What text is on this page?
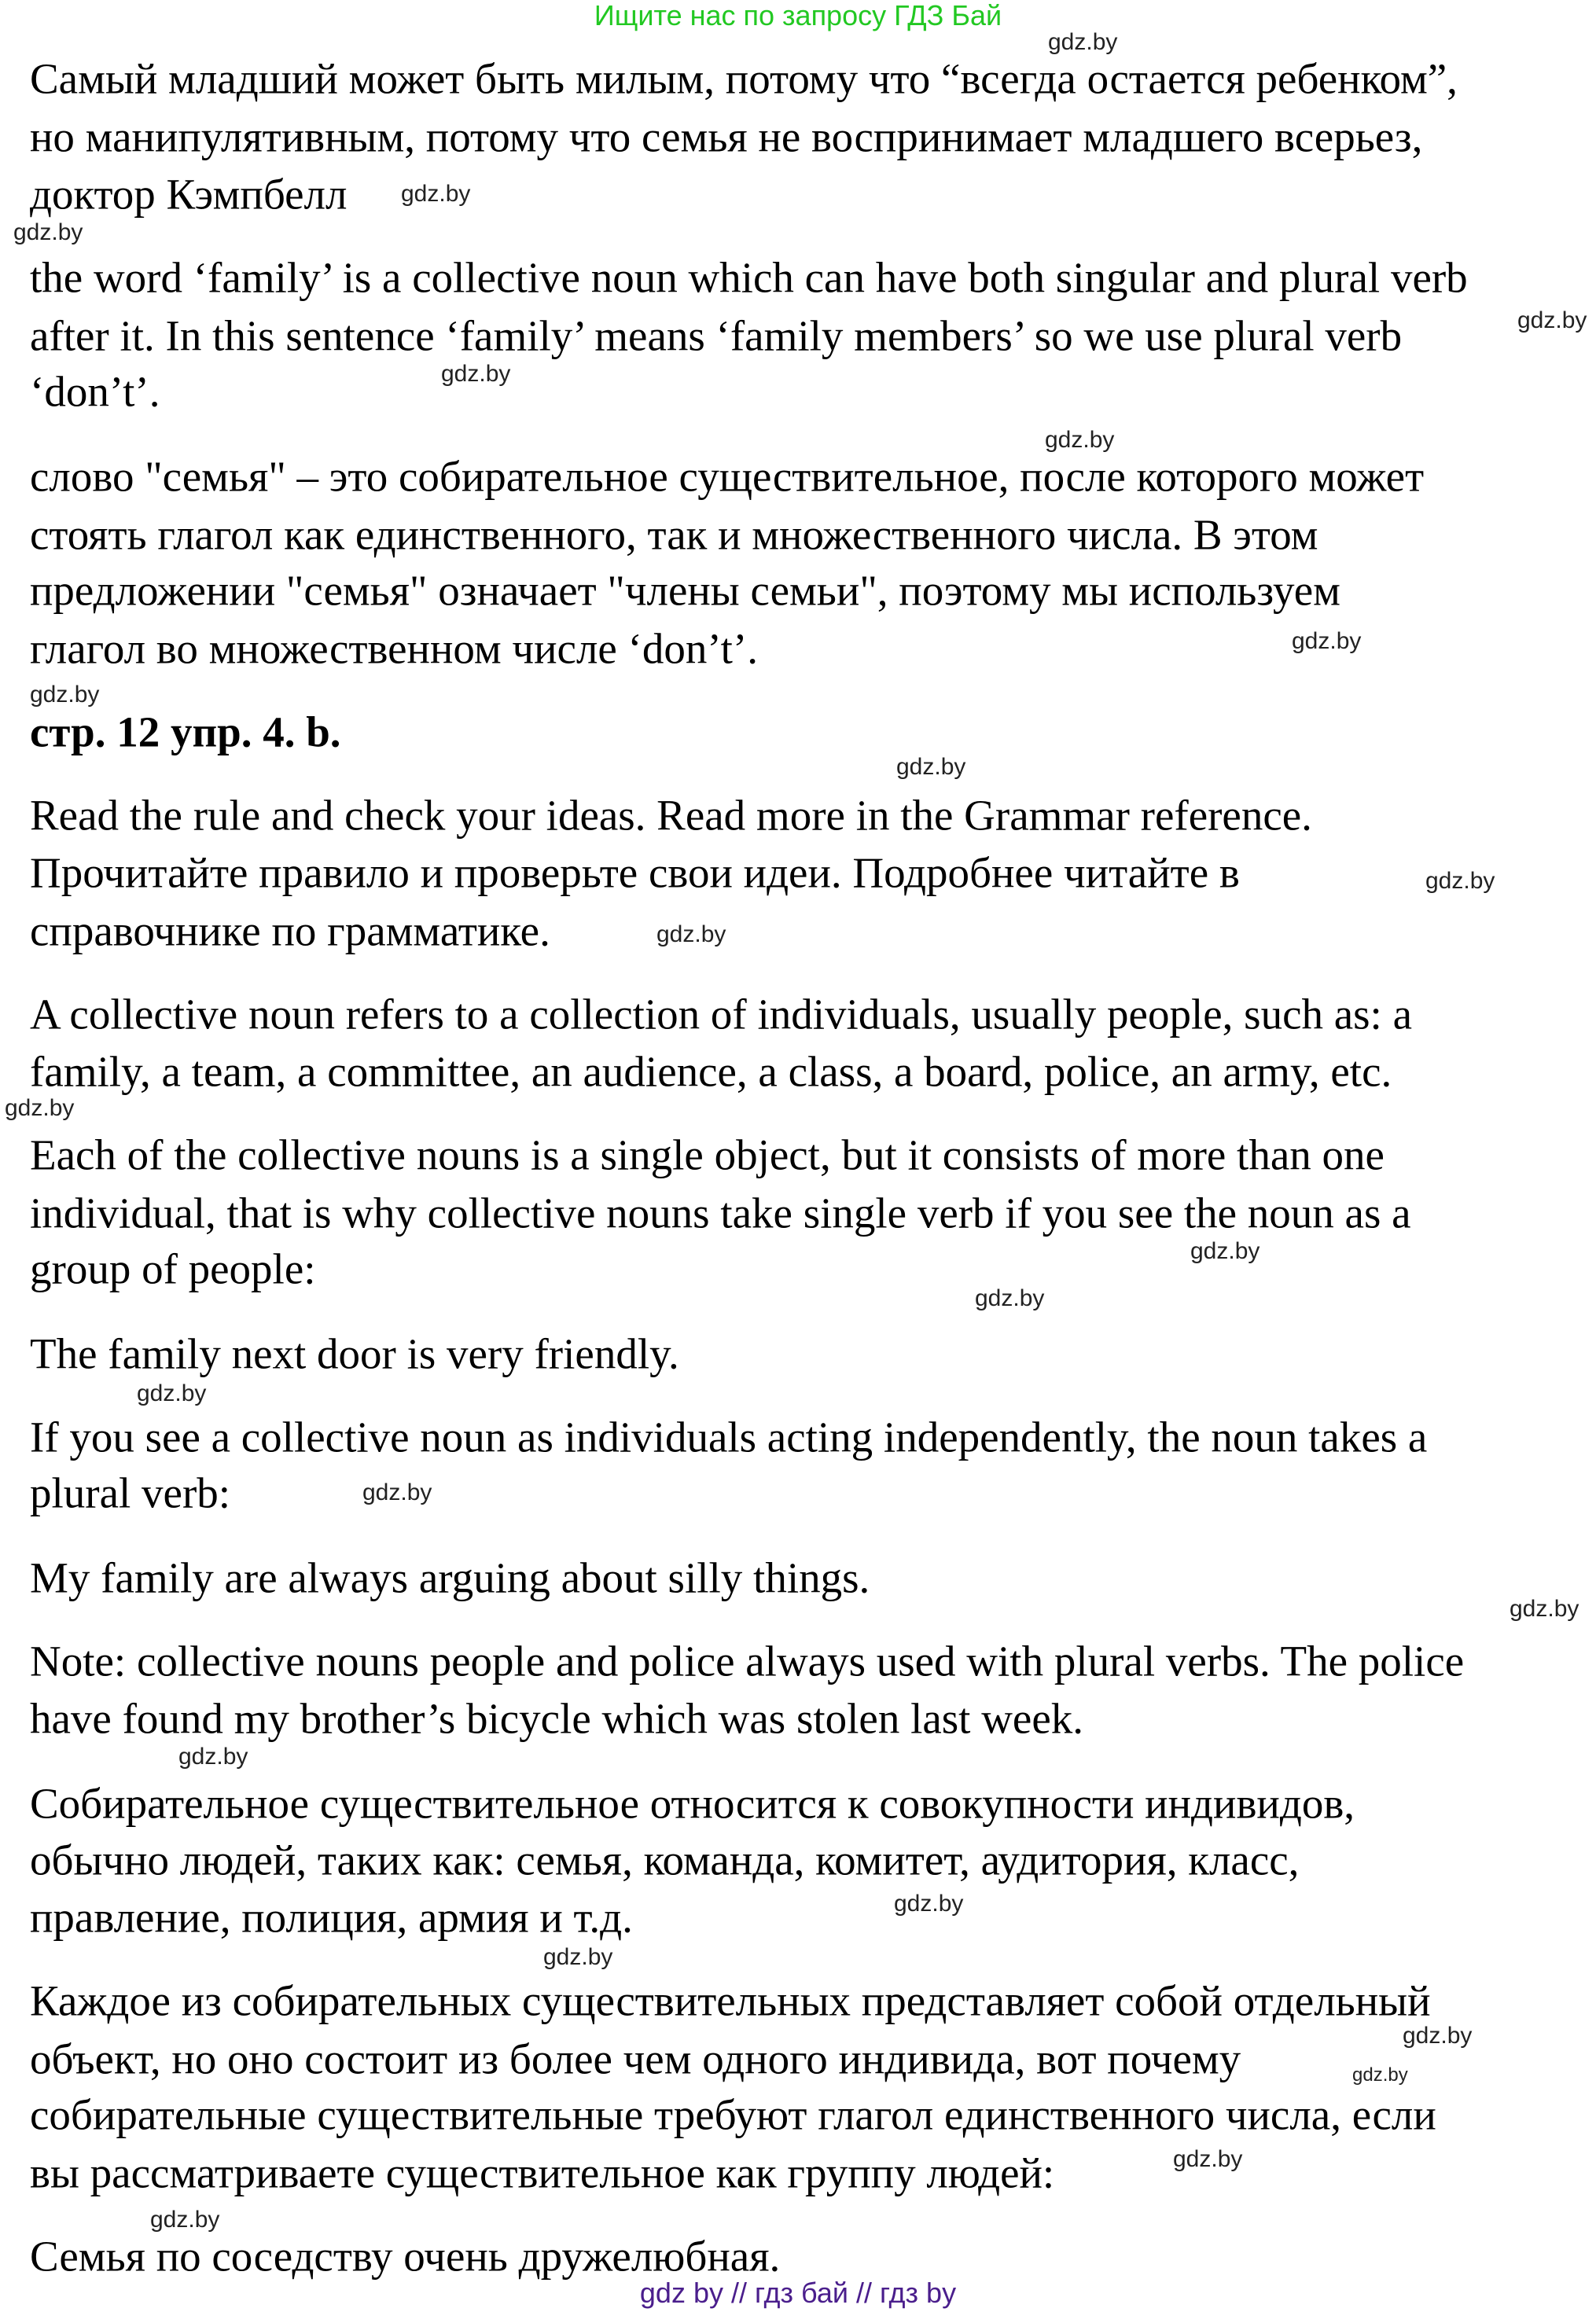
Ищите нас по запросу ГДЗ Бай
Самый младший может быть милым, потому что “всегда остается ребенком”,
но манипулятивным, потому что семья не воспринимает младшего всерьез,
доктор Кэмпбелл
the word ‘family’ is a collective noun which can have both singular and plural verb
after it. In this sentence ‘family’ means ‘family members’ so we use plural verb
‘don’t’.
слово "семья" – это собирательное существительное, после которого может
стоять глагол как единственного, так и множественного числа. В этом
предложении "семья" означает "члены семьи", поэтому мы используем
глагол во множественном числе ‘don’t’.
стр. 12 упр. 4. b.
Read the rule and check your ideas. Read more in the Grammar reference.
Прочитайте правило и проверьте свои идеи. Подробнее читайте в
справочнике по грамматике.
A collective noun refers to a collection of individuals, usually people, such as: a
family, a team, a committee, an audience, a class, a board, police, an army, etc.
Each of the collective nouns is a single object, but it consists of more than one
individual, that is why collective nouns take single verb if you see the noun as a
group of people:
The family next door is very friendly.
If you see a collective noun as individuals acting independently, the noun takes a
plural verb:
My family are always arguing about silly things.
Note: collective nouns people and police always used with plural verbs. The police
have found my brother’s bicycle which was stolen last week.
Собирательное существительное относится к совокупности индивидов,
обычно людей, таких как: семья, команда, комитет, аудитория, класс,
правление, полиция, армия и т.д.
Каждое из собирательных существительных представляет собой отдельный
объект, но оно состоит из более чем одного индивида, вот почему
собирательные существительные требуют глагол единственного числа, если
вы рассматриваете существительное как группу людей:
Семья по соседству очень дружелюбная.
gdz.by
gdz.by
gdz.by
gdz.by
gdz.by
gdz.by
gdz.by
gdz.by
gdz.by
gdz.by
gdz.by
gdz.by
gdz.by
gdz.by
gdz.by
gdz.by
gdz.by
gdz.by
gdz.by
gdz.by
gdz.by
gdz.by
gdz.by
gdz.by
gdz by // гдз бай // гдз by
